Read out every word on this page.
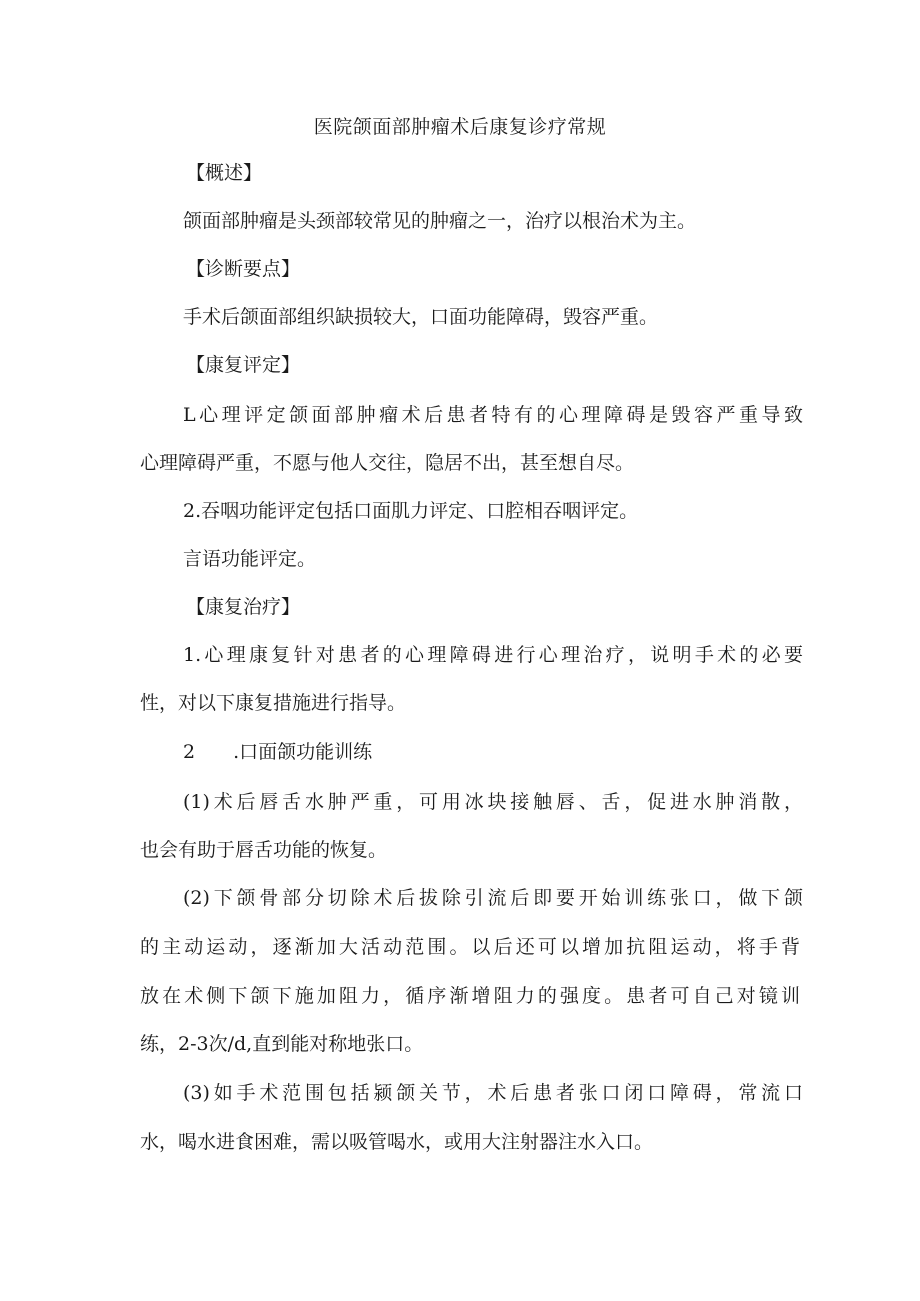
医院颌面部肿瘤术后康复诊疗常规

【概述】

颌面部肿瘤是头颈部较常见的肿瘤之一，治疗以根治术为主。

【诊断要点】

手术后颌面部组织缺损较大，口面功能障碍，毁容严重。

【康复评定】

L心理评定颌面部肿瘤术后患者特有的心理障碍是毁容严重导致

心理障碍严重，不愿与他人交往，隐居不出，甚至想自尽。

2.吞咽功能评定包括口面肌力评定、口腔相吞咽评定。

言语功能评定。

【康复治疗】

1.心理康复针对患者的心理障碍进行心理治疗，说明手术的必要

性，对以下康复措施进行指导。

2　　.口面颌功能训练

(1)术后唇舌水肿严重，可用冰块接触唇、舌，促进水肿消散，

也会有助于唇舌功能的恢复。

(2)下颌骨部分切除术后拔除引流后即要开始训练张口，做下颌

的主动运动，逐渐加大活动范围。以后还可以增加抗阻运动，将手背

放在术侧下颌下施加阻力，循序渐增阻力的强度。患者可自己对镜训

练，2-3次/d,直到能对称地张口。

(3)如手术范围包括颍颌关节，术后患者张口闭口障碍，常流口

水，喝水进食困难，需以吸管喝水，或用大注射器注水入口。
